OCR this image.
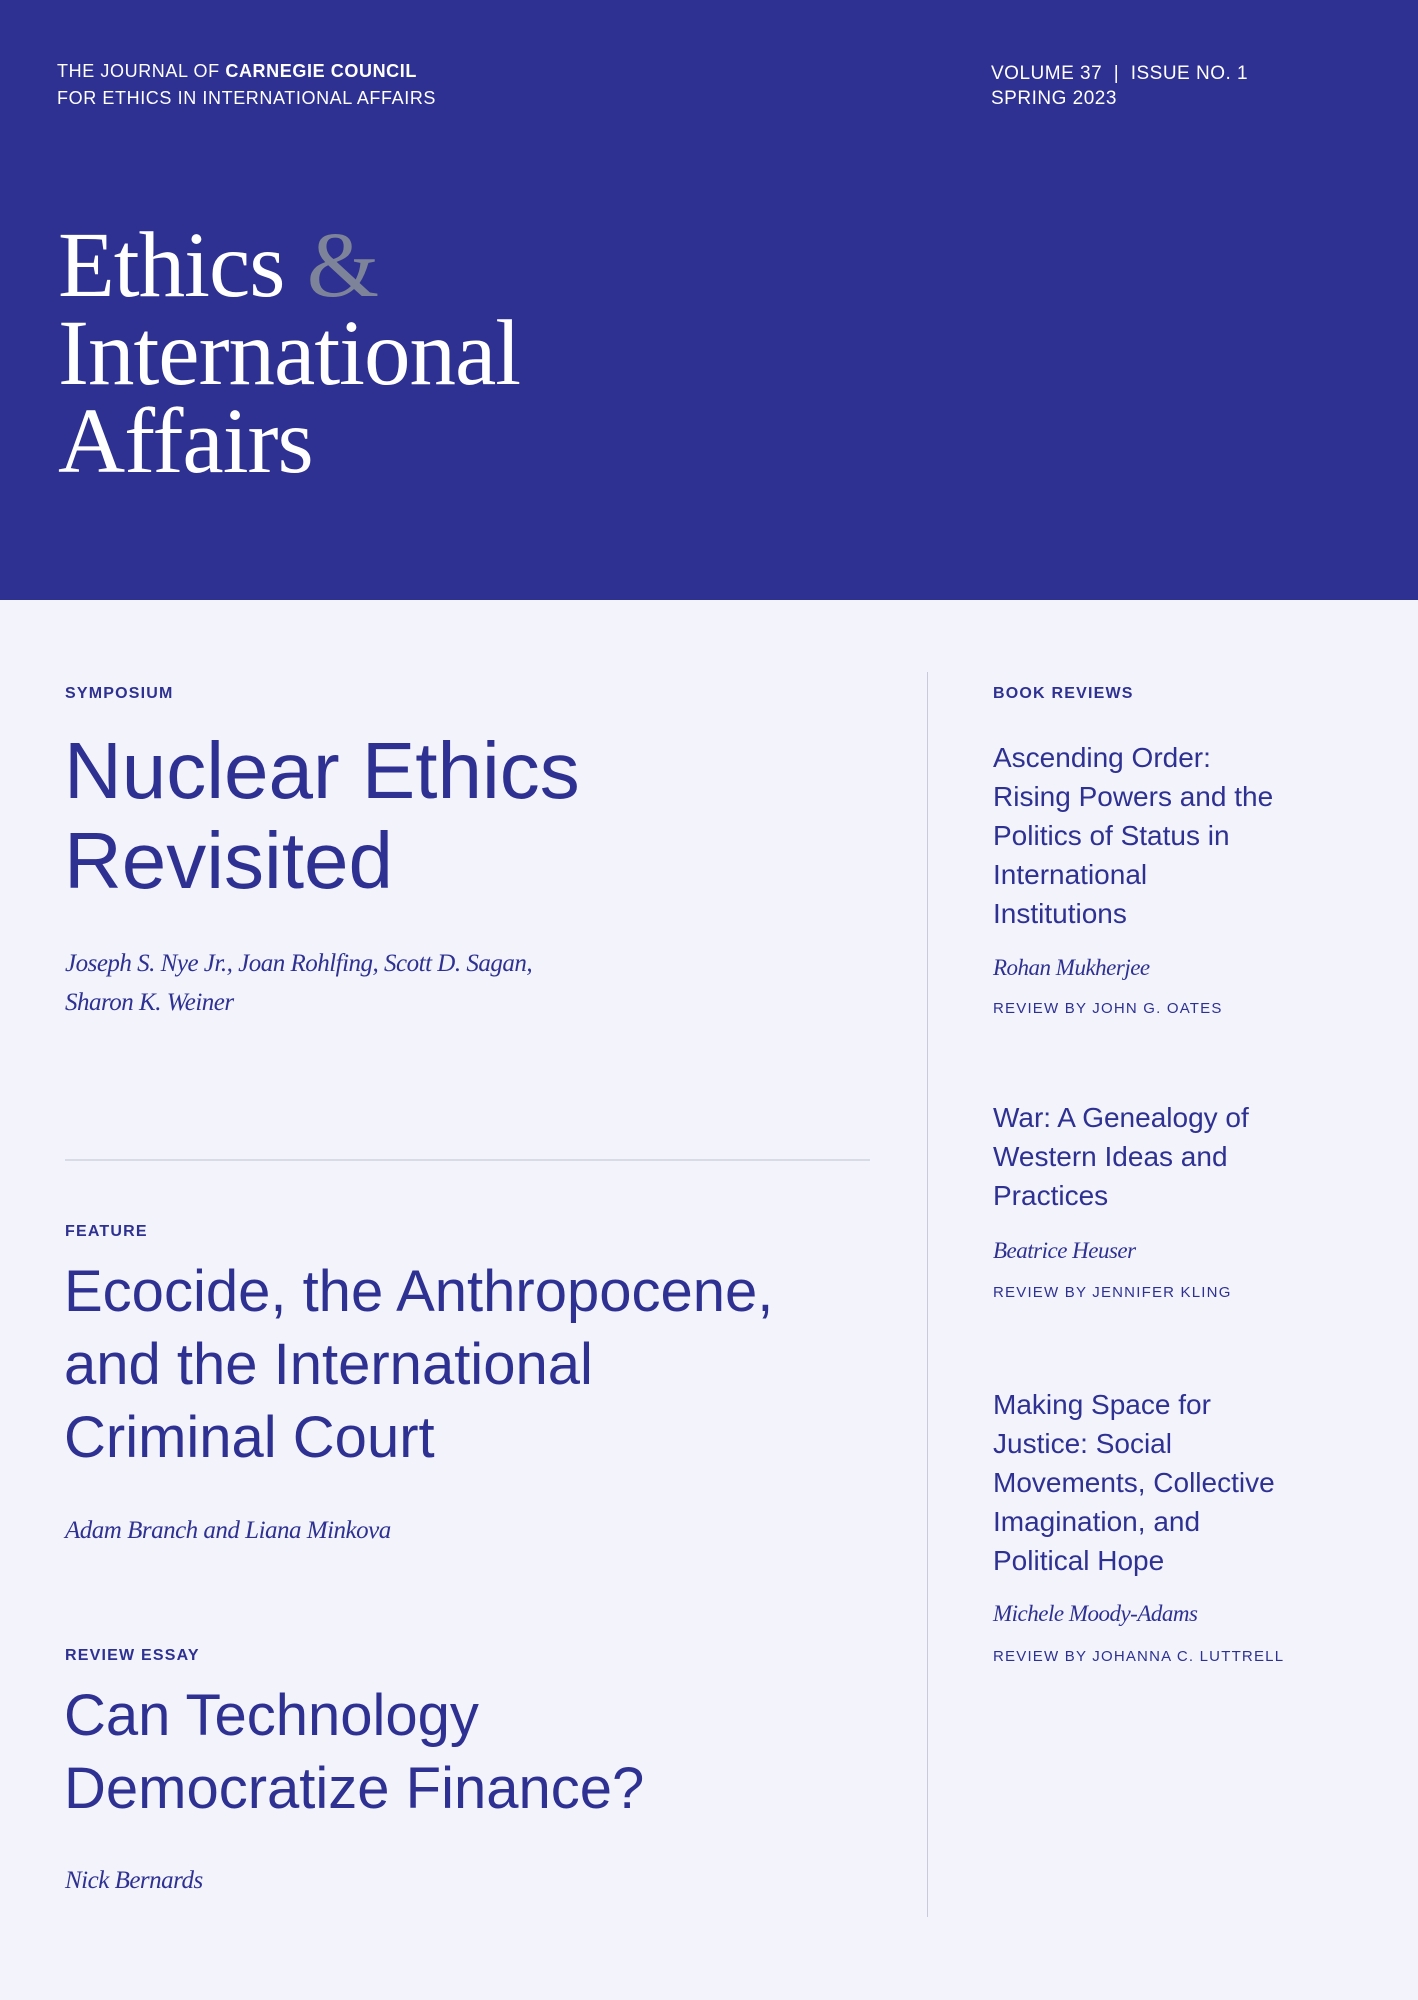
THE JOURNAL OF CARNEGIE COUNCIL
FOR ETHICS IN INTERNATIONAL AFFAIRS
VOLUME 37  |  ISSUE NO. 1
SPRING 2023
Ethics &
International
Affairs
SYMPOSIUM
Nuclear Ethics
Revisited
Joseph S. Nye Jr., Joan Rohlfing, Scott D. Sagan,
Sharon K. Weiner
FEATURE
Ecocide, the Anthropocene,
and the International
Criminal Court
Adam Branch and Liana Minkova
REVIEW ESSAY
Can Technology
Democratize Finance?
Nick Bernards
BOOK REVIEWS
Ascending Order:
Rising Powers and the
Politics of Status in
International
Institutions
Rohan Mukherjee
REVIEW BY JOHN G. OATES
War: A Genealogy of
Western Ideas and
Practices
Beatrice Heuser
REVIEW BY JENNIFER KLING
Making Space for
Justice: Social
Movements, Collective
Imagination, and
Political Hope
Michele Moody-Adams
REVIEW BY JOHANNA C. LUTTRELL
